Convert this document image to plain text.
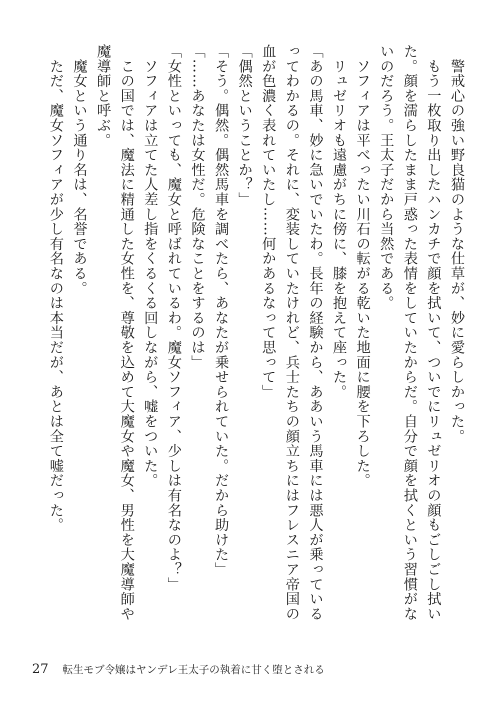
　警戒心の強い野良猫のような仕草が、妙に愛らしかった。

　もう一枚取り出したハンカチで顔を拭いて、ついでにリュゼリオの顔もごしごし拭いた。顔を濡らしたまま戸惑った表情をしていたからだ。自分で顔を拭くという習慣がないのだろう。王太子だから当然である。

　ソフィアは平べったい川石の転がる乾いた地面に腰を下ろした。

　リュゼリオも遠慮がちに傍に、膝を抱えて座った。

「あの馬車、妙に急いでいたわ。長年の経験から、ああいう馬車には悪人が乗っているってわかるの。それに、変装していたけれど、兵士たちの顔立ちにはフレスニア帝国の血が色濃く表れていたし……何かあるなって思って」

「偶然ということか？」

「そう。偶然。偶然馬車を調べたら、あなたが乗せられていた。だから助けた」

「……あなたは女性だ。危険なことをするのは」

「女性といっても、魔女と呼ばれているわ。魔女ソフィア、少しは有名なのよ？」

　ソフィアは立てた人差し指をくるくる回しながら、嘘をついた。

　この国では、魔法に精通した女性を、尊敬を込めて大魔女や魔女、男性を大魔導師や魔導師と呼ぶ。

　魔女という通り名は、名誉である。

　ただ、魔女ソフィアが少し有名なのは本当だが、あとは全て嘘だった。

27 転生モブ令嬢はヤンデレ王太子の執着に甘く堕とされる
